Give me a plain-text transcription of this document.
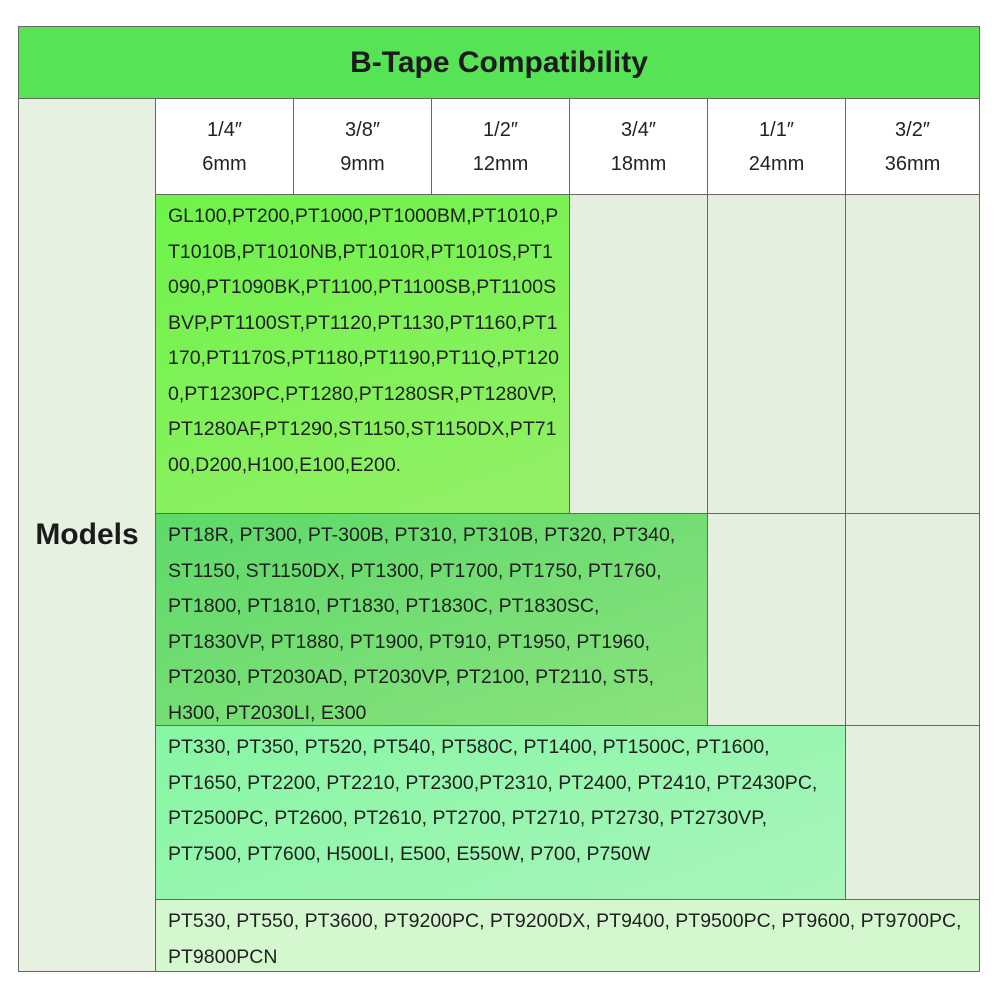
B-Tape Compatibility
Models
1/4″
6mm
3/8″
9mm
1/2″
12mm
3/4″
18mm
1/1″
24mm
3/2″
36mm
GL100,PT200,PT1000,PT1000BM,PT1010,PT1010B,PT1010NB,PT1010R,PT1010S,PT1090,PT1090BK,PT1100,PT1100SB,PT1100SBVP,PT1100ST,PT1120,PT1130,PT1160,PT1170,PT1170S,PT1180,PT1190,PT11Q,PT1200,PT1230PC,PT1280,PT1280SR,PT1280VP,PT1280AF,PT1290,ST1150,ST1150DX,PT7100,D200,H100,E100,E200.
PT18R, PT300, PT-300B, PT310, PT310B, PT320, PT340, ST1150, ST1150DX, PT1300, PT1700, PT1750, PT1760, PT1800, PT1810, PT1830, PT1830C, PT1830SC, PT1830VP, PT1880, PT1900, PT910, PT1950, PT1960, PT2030, PT2030AD, PT2030VP, PT2100, PT2110, ST5, H300, PT2030LI, E300
PT330, PT350, PT520, PT540, PT580C, PT1400, PT1500C, PT1600, PT1650, PT2200, PT2210, PT2300,PT2310, PT2400, PT2410, PT2430PC, PT2500PC, PT2600, PT2610, PT2700, PT2710, PT2730, PT2730VP, PT7500, PT7600, H500LI, E500, E550W, P700, P750W
PT530, PT550, PT3600, PT9200PC, PT9200DX, PT9400, PT9500PC, PT9600, PT9700PC, PT9800PCN
